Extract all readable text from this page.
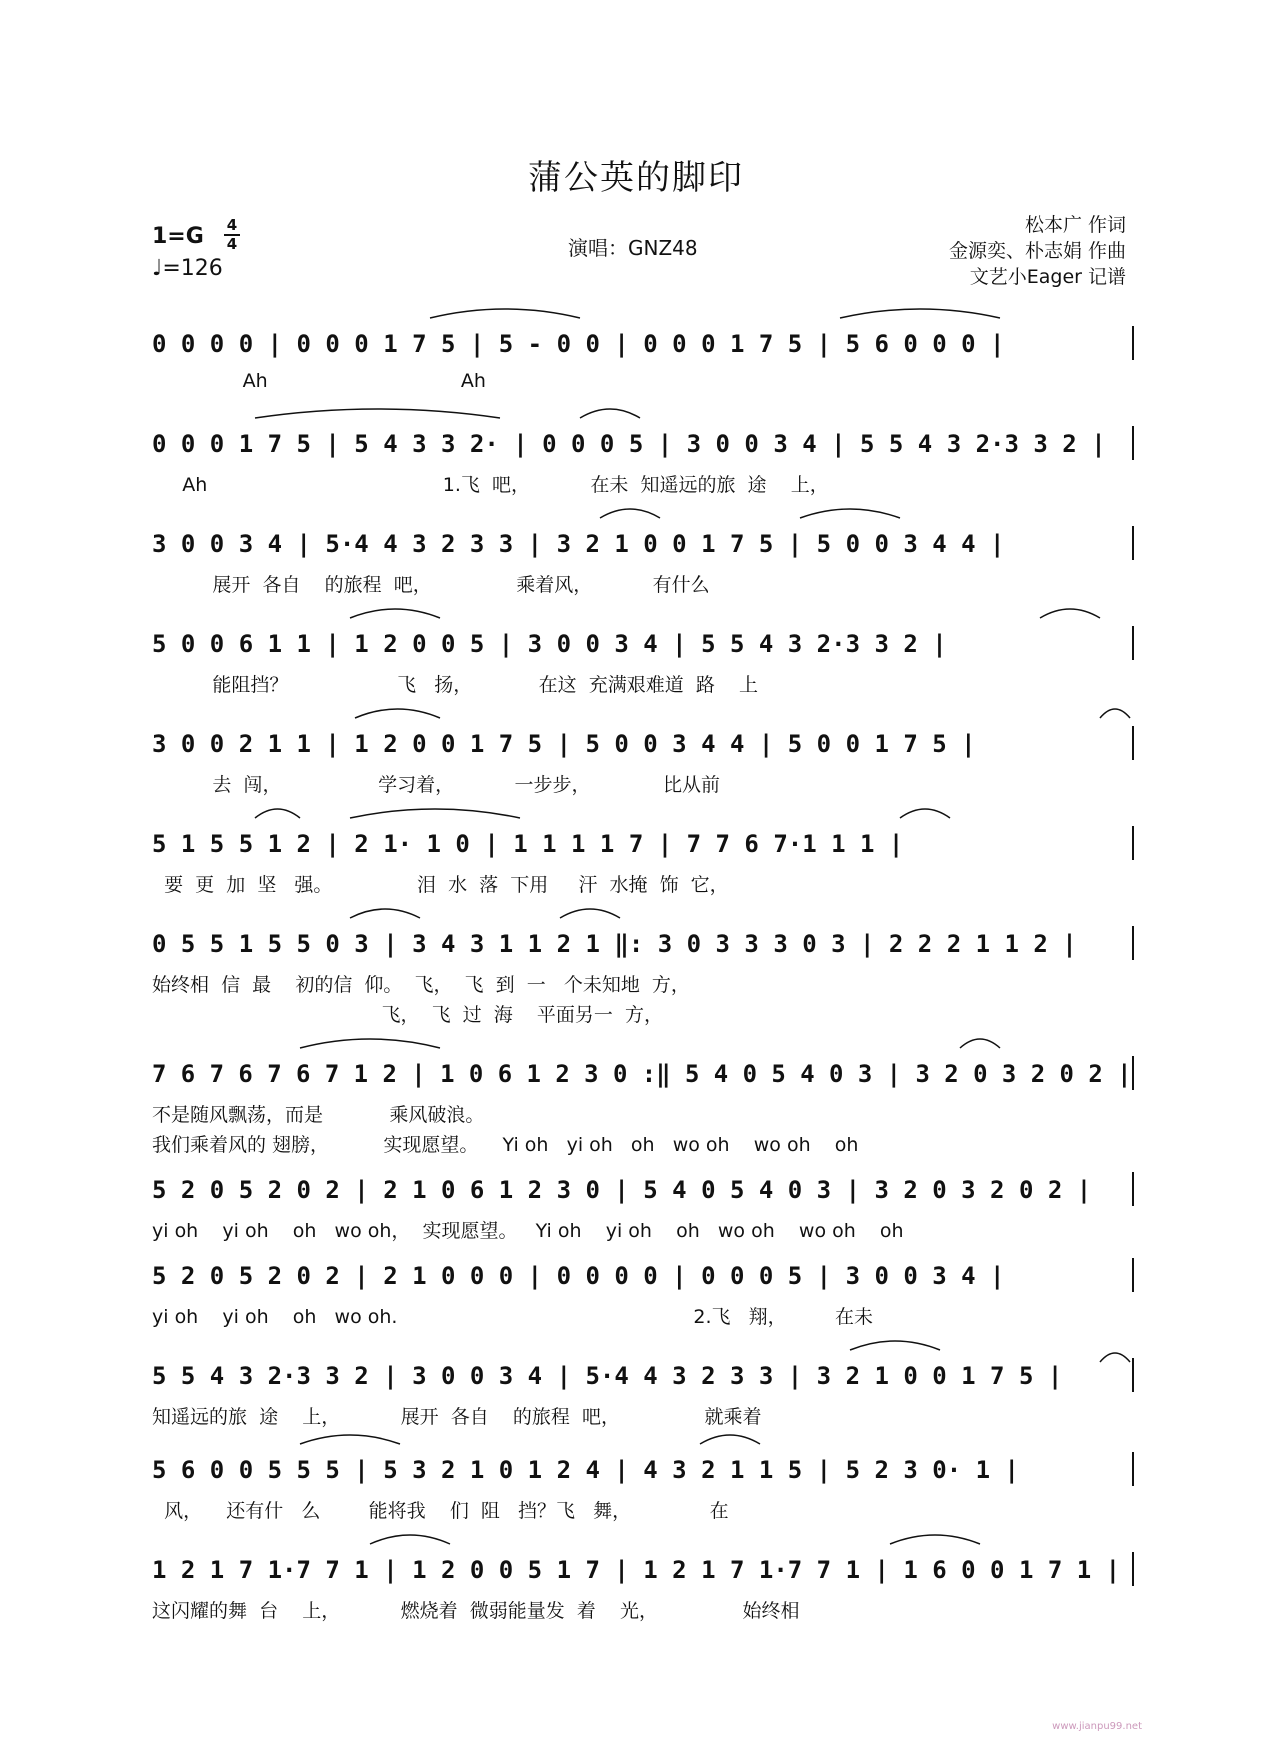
蒲公英的脚印
1=G 4
4
♩=126
演唱：GNZ48
松本广 作词
金源奕、朴志娟 作曲
文艺小Eager 记谱
0 0 0 0 | 0 0 0 1 7 5 | 5 - 0 0 | 0 0 0 1 7 5 | 5 6 0 0 0 |
Ah                                Ah
0 0 0 1 7 5 | 5 4 3 3 2· | 0 0 0 5 | 3 0 0 3 4 | 5 5 4 3 2·3 3 2 |
Ah                                       1.飞  吧，          在未  知遥远的旅  途    上，
3 0 0 3 4 | 5·4 4 3 2 3 3 | 3 2 1 0 0 1 7 5 | 5 0 0 3 4 4 |
展开  各自    的旅程  吧，              乘着风，          有什么
5 0 0 6 1 1 | 1 2 0 0 5 | 3 0 0 3 4 | 5 5 4 3 2·3 3 2 |
能阻挡？                  飞   扬，           在这  充满艰难道  路    上
3 0 0 2 1 1 | 1 2 0 0 1 7 5 | 5 0 0 3 4 4 | 5 0 0 1 7 5 |
去  闯，                学习着，          一步步，            比从前
5 1 5 5 1 2 | 2 1· 1 0 | 1 1 1 1 7 | 7 7 6 7·1 1 1 |
要  更  加  坚   强。              泪  水  落  下用     汗  水掩  饰  它，
0 5 5 1 5 5 0 3 | 3 4 3 1 1 2 1 ‖: 3 0 3 3 3 0 3 | 2 2 2 1 1 2 |
始终相  信  最    初的信  仰。  飞，  飞  到  一   个未知地  方，
飞，  飞  过  海    平面另一  方，
7 6 7 6 7 6 7 1 2 | 1 0 6 1 2 3 0 :‖ 5 4 0 5 4 0 3 | 3 2 0 3 2 0 2 |
不是随风飘荡，而是           乘风破浪。
我们乘着风的 翅膀，         实现愿望。    Yi oh   yi oh   oh   wo oh    wo oh    oh
5 2 0 5 2 0 2 | 2 1 0 6 1 2 3 0 | 5 4 0 5 4 0 3 | 3 2 0 3 2 0 2 |
yi oh    yi oh    oh   wo oh，  实现愿望。   Yi oh    yi oh    oh   wo oh    wo oh    oh
5 2 0 5 2 0 2 | 2 1 0 0 0 | 0 0 0 0 | 0 0 0 5 | 3 0 0 3 4 |
yi oh    yi oh    oh   wo oh.                                                 2.飞   翔，        在未
5 5 4 3 2·3 3 2 | 3 0 0 3 4 | 5·4 4 3 2 3 3 | 3 2 1 0 0 1 7 5 |
知遥远的旅  途    上，          展开  各自    的旅程  吧，              就乘着
5 6 0 0 5 5 5 | 5 3 2 1 0 1 2 4 | 4 3 2 1 1 5 | 5 2 3 0· 1 |
风，    还有什   么        能将我    们  阻   挡？飞   舞，             在
1 2 1 7 1·7 7 1 | 1 2 0 0 5 1 7 | 1 2 1 7 1·7 7 1 | 1 6 0 0 1 7 1 |
这闪耀的舞  台    上，          燃烧着  微弱能量发  着    光，              始终相
www.jianpu99.net
